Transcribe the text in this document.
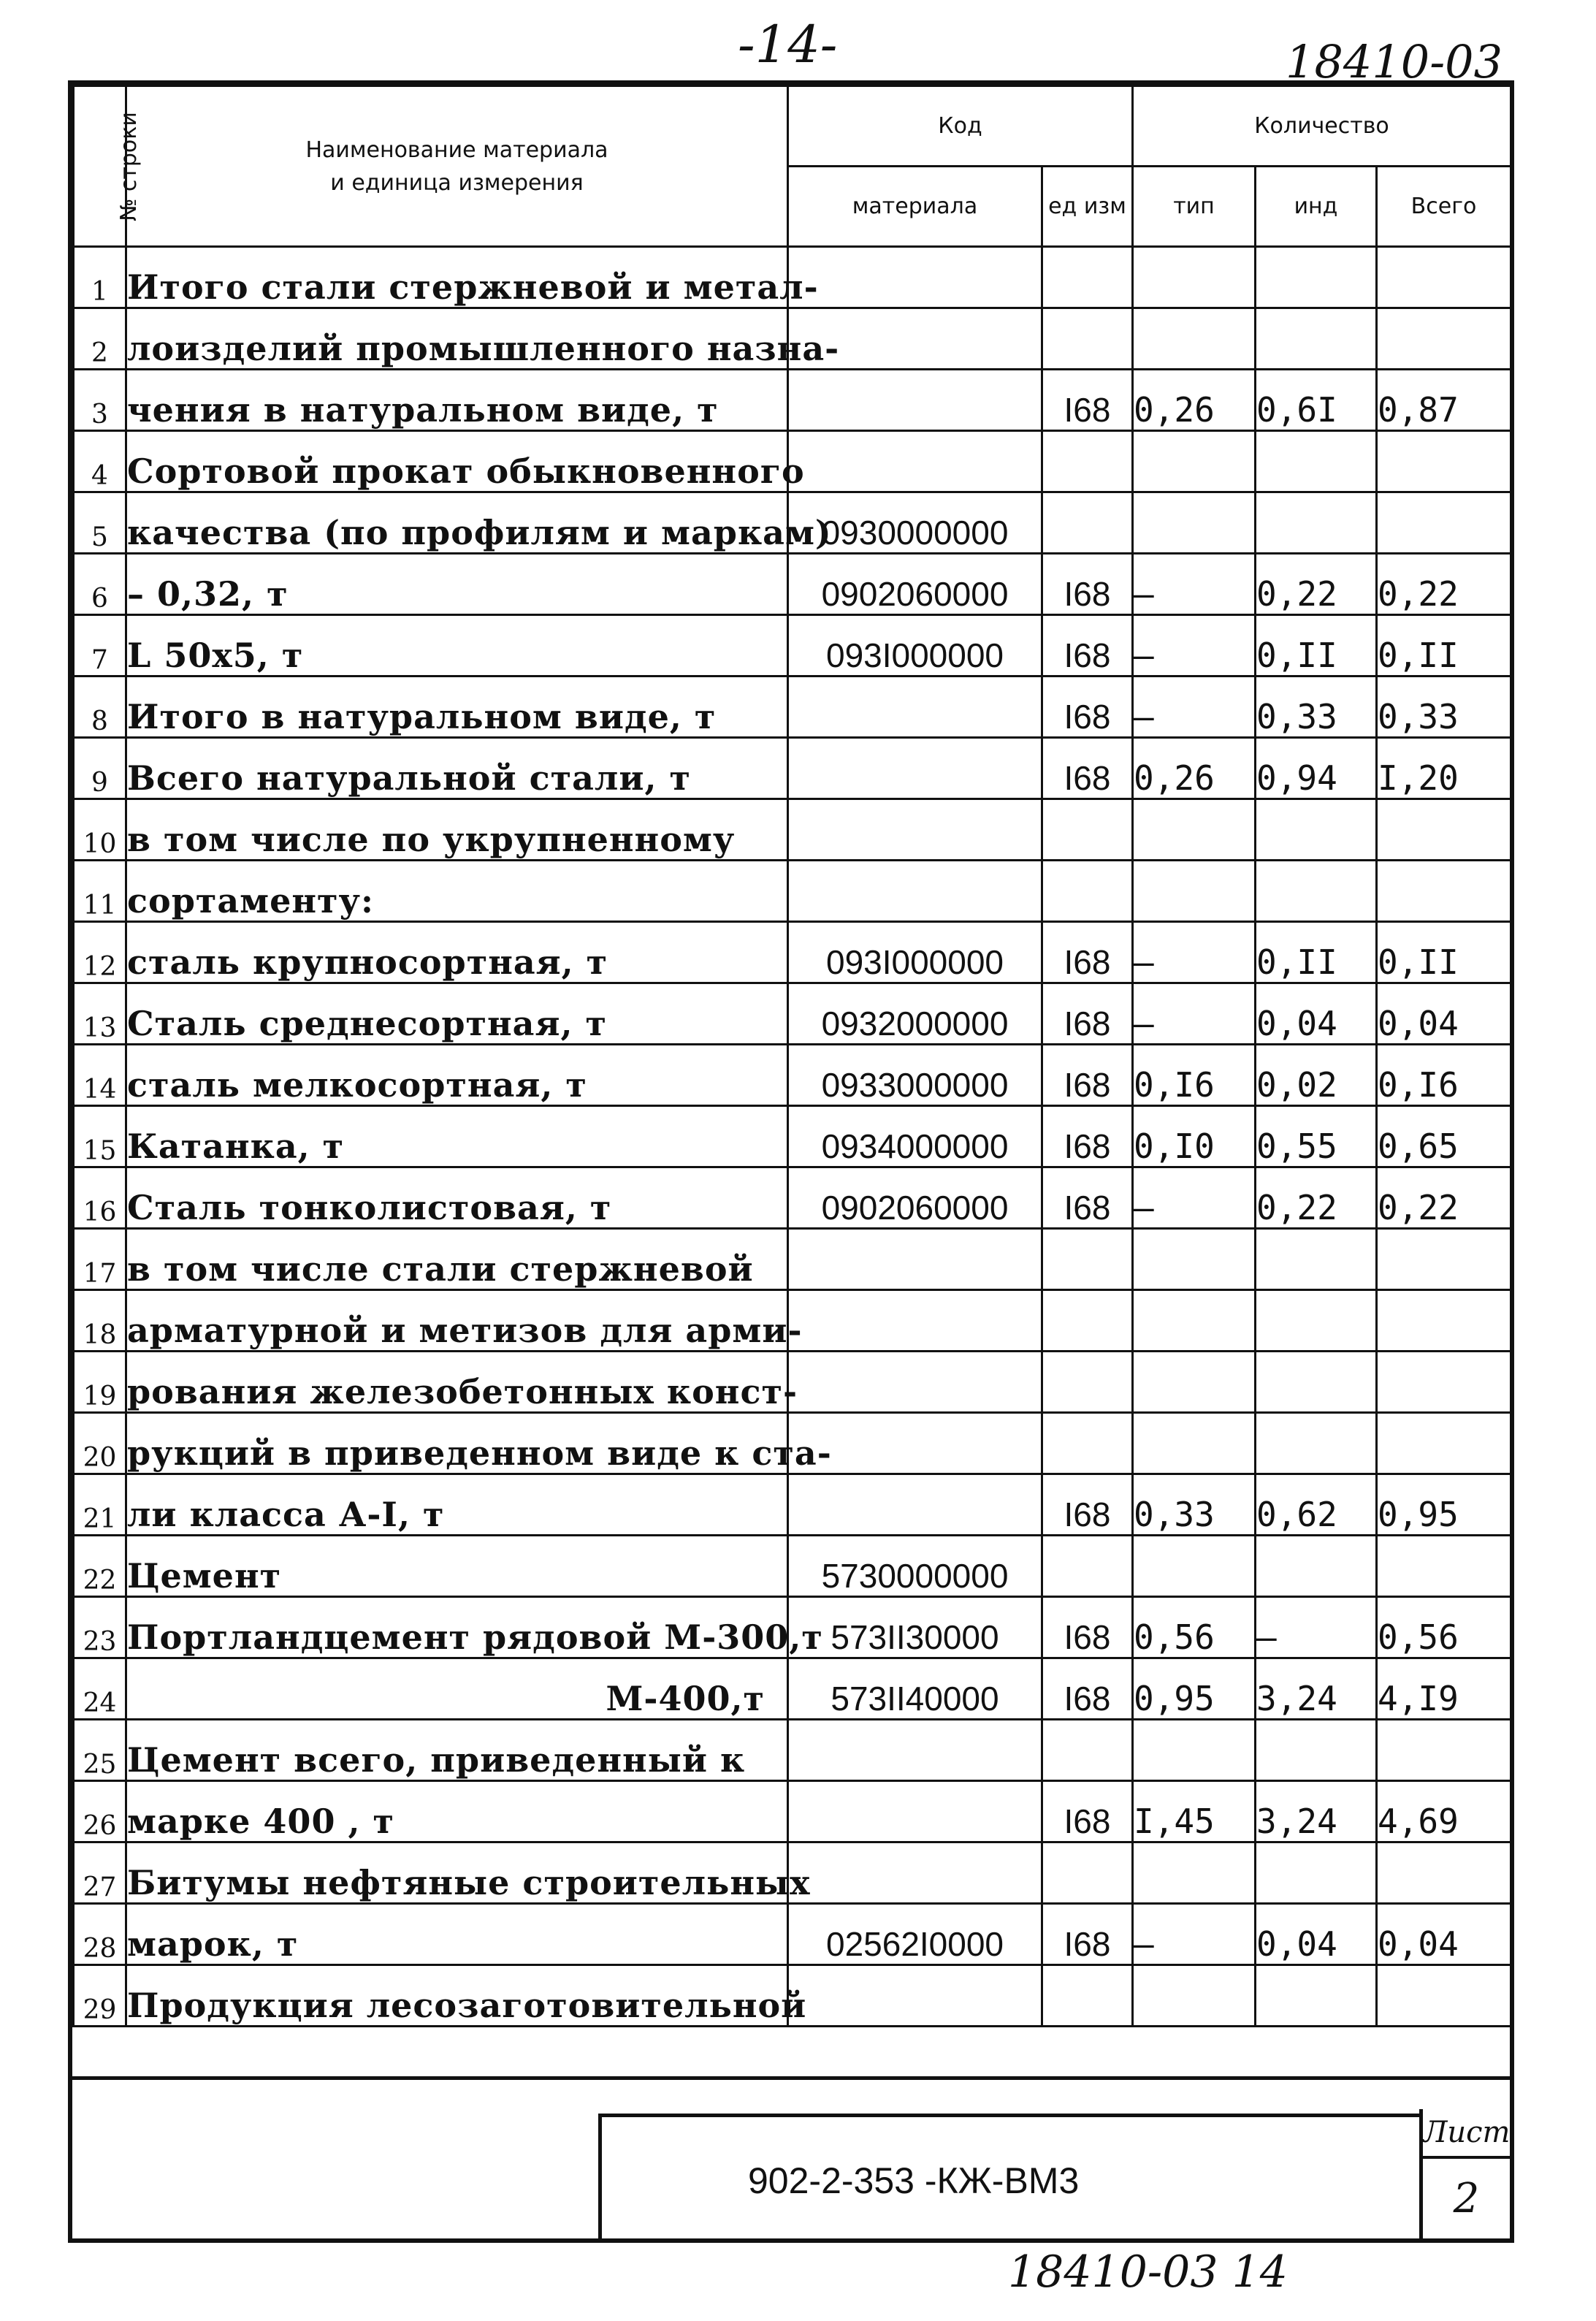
-14-	18410-03
№ строки	Наименование материала
и единица измерения	Код		Количество		
		материала	ед изм	тип	инд	Всего
1	Итого стали стержневой и метал-					
2	лоизделий промышленного назна-					
3	чения в натуральном виде, т		I68	0,26	0,6I	0,87
4	Сортовой прокат обыкновенного					
5	качества (по профилям и маркам)	0930000000				
6	– 0,32, т	0902060000	I68	–	0,22	0,22
7	L 50x5, т	093I000000	I68	–	0,II	0,II
8	Итого в натуральном виде, т		I68	–	0,33	0,33
9	Всего натуральной стали, т		I68	0,26	0,94	I,20
10	в том числе по укрупненному					
11	сортаменту:					
12	сталь крупносортная, т	093I000000	I68	–	0,II	0,II
13	Сталь среднесортная, т	0932000000	I68	–	0,04	0,04
14	сталь мелкосортная, т	0933000000	I68	0,I6	0,02	0,I6
15	Катанка, т	0934000000	I68	0,I0	0,55	0,65
16	Сталь тонколистовая, т	0902060000	I68	–	0,22	0,22
17	в том числе стали стержневой					
18	арматурной и метизов для арми-					
19	рования железобетонных конст-					
20	рукций в приведенном виде к ста-					
21	ли класса А-I, т		I68	0,33	0,62	0,95
22	Цемент	5730000000				
23	Портландцемент рядовой М-300,т	573II30000	I68	0,56	–	0,56
24	М-400,т	573II40000	I68	0,95	3,24	4,I9
25	Цемент всего, приведенный к					
26	марке 400 , т		I68	I,45	3,24	4,69
27	Битумы нефтяные строительных					
28	марок, т	02562I0000	I68	–	0,04	0,04
29	Продукция лесозаготовительной					
902-2-353 -КЖ-ВМ3
Лист
2
18410-03 14
